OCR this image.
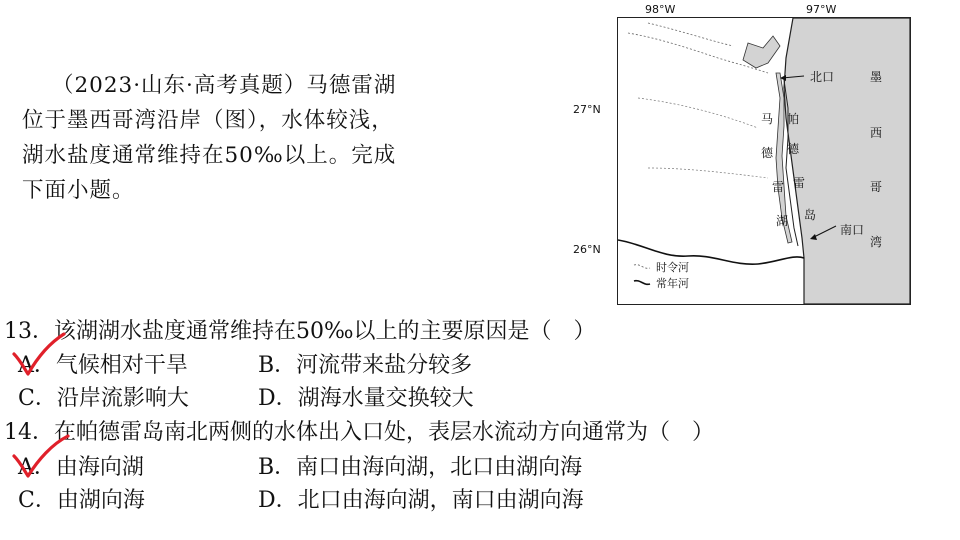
（2023·山东·高考真题）马德雷湖
位于墨西哥湾沿岸（图），水体较浅，
湖水盐度通常维持在50‰以上。完成
下面小题。
北口
南口
马
德
雷
湖
帕
德
雷
岛
墨
西
哥
湾
时令河
常年河
98°W	97°W
27°N
26°N
13．该湖湖水盐度通常维持在50‰以上的主要原因是（　）
A．气候相对干旱	B．河流带来盐分较多
C．沿岸流影响大	D．湖海水量交换较大
14．在帕德雷岛南北两侧的水体出入口处，表层水流动方向通常为（　）
A．由海向湖	B．南口由海向湖，北口由湖向海
C．由湖向海	D．北口由海向湖，南口由湖向海
